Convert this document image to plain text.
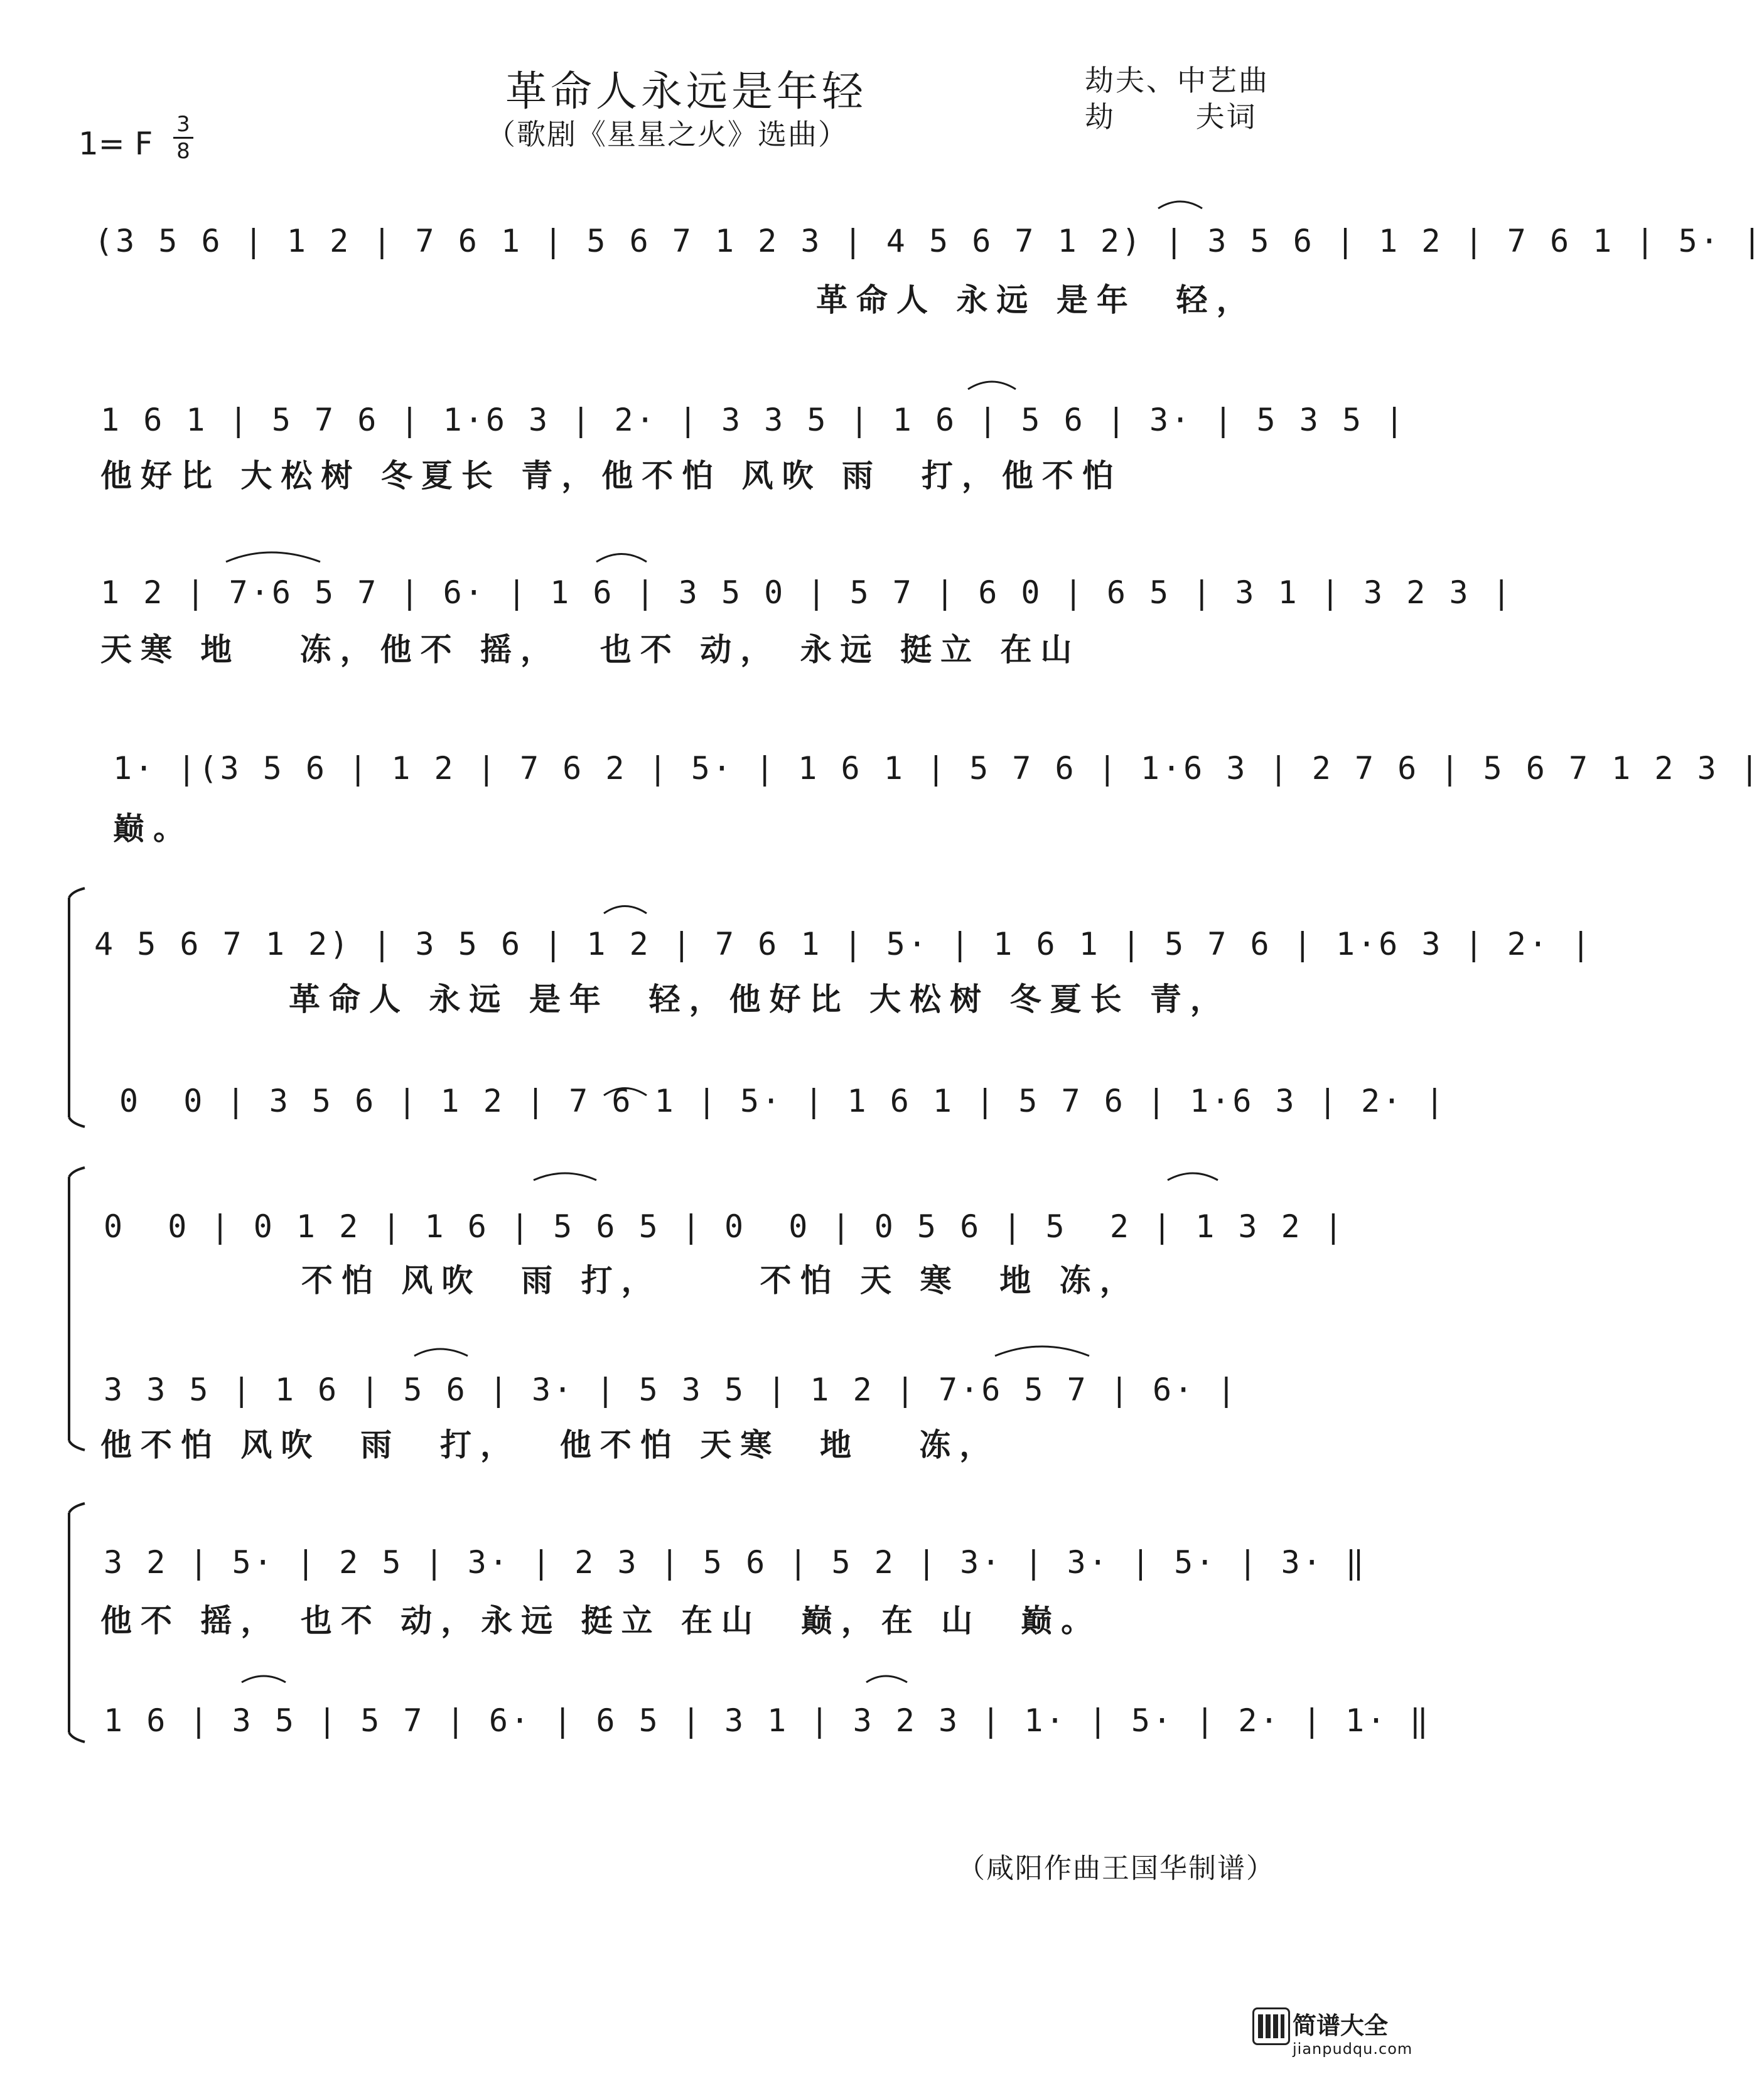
革命人永远是年轻
（歌剧《星星之火》选曲）
劫夫、中艺曲
劫 夫词
1= F
3
8
(3 5 6 | 1 2 | 7 6 1 | 5 6 7 1 2 3 | 4 5 6 7 1 2) | 3 5 6 | 1 2 | 7 6 1 | 5· |
革命人 永远 是年  轻，
1 6 1 | 5 7 6 | 1·6 3 | 2· | 3 3 5 | 1 6 | 5 6 | 3· | 5 3 5 |
他好比 大松树 冬夏长 青，他不怕 风吹 雨  打，他不怕
1 2 | 7·6 5 7 | 6· | 1 6 | 3 5 0 | 5 7 | 6 0 | 6 5 | 3 1 | 3 2 3 |
天寒 地   冻，他不 摇，  也不 动， 永远 挺立 在山
1· |(3 5 6 | 1 2 | 7 6 2 | 5· | 1 6 1 | 5 7 6 | 1·6 3 | 2 7 6 | 5 6 7 1 2 3 |
巅。
4 5 6 7 1 2) | 3 5 6 | 1 2 | 7 6 1 | 5· | 1 6 1 | 5 7 6 | 1·6 3 | 2· |
革命人 永远 是年  轻，他好比 大松树 冬夏长 青，
0  0 | 3 5 6 | 1 2 | 7 6 1 | 5· | 1 6 1 | 5 7 6 | 1·6 3 | 2· |
0  0 | 0 1 2 | 1 6 | 5 6 5 | 0  0 | 0 5 6 | 5  2 | 1 3 2 |
不怕 风吹  雨 打，     不怕 天 寒  地 冻，
3 3 5 | 1 6 | 5 6 | 3· | 5 3 5 | 1 2 | 7·6 5 7 | 6· |
他不怕 风吹  雨  打，  他不怕 天寒  地   冻，
3 2 | 5· | 2 5 | 3· | 2 3 | 5 6 | 5 2 | 3· | 3· | 5· | 3· ‖
他不 摇， 也不 动，永远 挺立 在山  巅，在 山  巅。
1 6 | 3 5 | 5 7 | 6· | 6 5 | 3 1 | 3 2 3 | 1· | 5· | 2· | 1· ‖
（咸阳作曲王国华制谱）
简谱大全
jianpudqu.com
